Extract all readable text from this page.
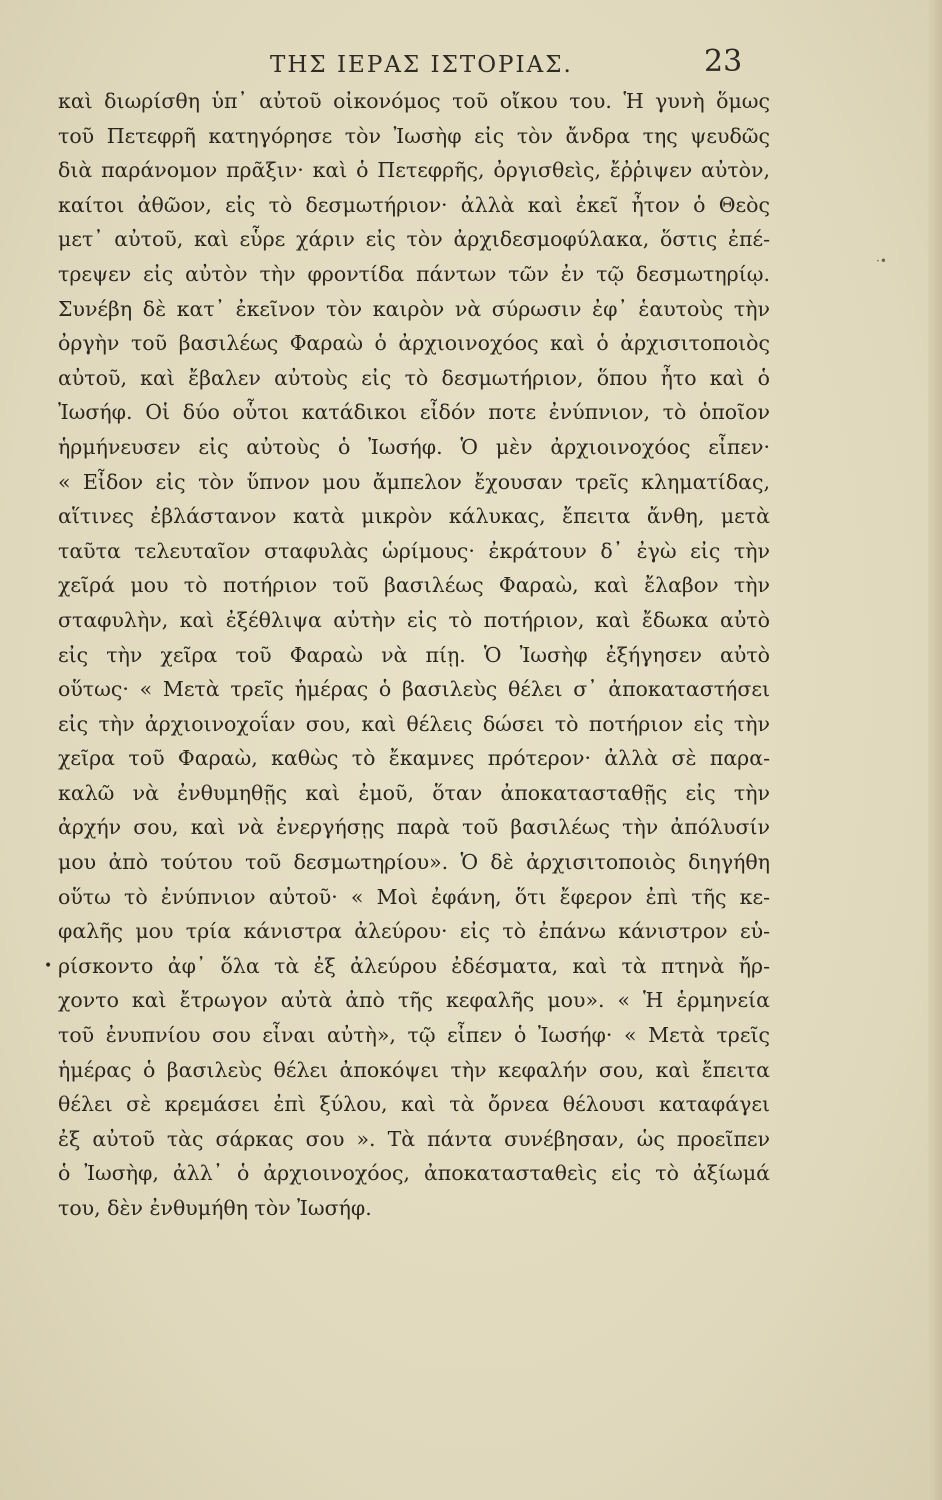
ΤΗΣ ΙΕΡΑΣ ΙΣΤΟΡΙΑΣ.	23
·•
•
καὶ διωρίσθη ὑπ᾽ αὐτοῦ οἰκονόμος τοῦ οἴκου του. Ἡ γυνὴ ὅμως
τοῦ Πετεφρῆ κατηγόρησε τὸν Ἰωσὴφ εἰς τὸν ἄνδρα της ψευδῶς
διὰ παράνομον πρᾶξιν· καὶ ὁ Πετεφρῆς, ὀργισθεὶς, ἔῤῥιψεν αὐτὸν,
καίτοι ἀθῶον, εἰς τὸ δεσμωτήριον· ἀλλὰ καὶ ἐκεῖ ἦτον ὁ Θεὸς
μετ᾽ αὐτοῦ, καὶ εὗρε χάριν εἰς τὸν ἀρχιδεσμοφύλακα, ὅστις ἐπέ-
τρεψεν εἰς αὐτὸν τὴν φροντίδα πάντων τῶν ἐν τῷ δεσμωτηρίῳ.
Συνέβη δὲ κατ᾽ ἐκεῖνον τὸν καιρὸν νὰ σύρωσιν ἐφ᾽ ἑαυτοὺς τὴν
ὀργὴν τοῦ βασιλέως Φαραὼ ὁ ἀρχιοινοχόος καὶ ὁ ἀρχισιτοποιὸς
αὐτοῦ, καὶ ἔβαλεν αὐτοὺς εἰς τὸ δεσμωτήριον, ὅπου ἦτο καὶ ὁ
Ἰωσήφ. Οἱ δύο οὗτοι κατάδικοι εἶδόν ποτε ἐνύπνιον, τὸ ὁποῖον
ἡρμήνευσεν εἰς αὐτοὺς ὁ Ἰωσήφ. Ὁ μὲν ἀρχιοινοχόος εἶπεν·
« Εἶδον εἰς τὸν ὕπνον μου ἄμπελον ἔχουσαν τρεῖς κληματίδας,
αἵτινες ἐβλάστανον κατὰ μικρὸν κάλυκας, ἔπειτα ἄνθη, μετὰ
ταῦτα τελευταῖον σταφυλὰς ὡρίμους· ἐκράτουν δ᾽ ἐγὼ εἰς τὴν
χεῖρά μου τὸ ποτήριον τοῦ βασιλέως Φαραὼ, καὶ ἔλαβον τὴν
σταφυλὴν, καὶ ἐξέθλιψα αὐτὴν εἰς τὸ ποτήριον, καὶ ἔδωκα αὐτὸ
εἰς τὴν χεῖρα τοῦ Φαραὼ νὰ πίῃ. Ὁ Ἰωσὴφ ἐξήγησεν αὐτὸ
οὕτως· « Μετὰ τρεῖς ἡμέρας ὁ βασιλεὺς θέλει σ᾽ ἀποκαταστήσει
εἰς τὴν ἀρχιοινοχοΐαν σου, καὶ θέλεις δώσει τὸ ποτήριον εἰς τὴν
χεῖρα τοῦ Φαραὼ, καθὼς τὸ ἔκαμνες πρότερον· ἀλλὰ σὲ παρα-
καλῶ νὰ ἐνθυμηθῇς καὶ ἐμοῦ, ὅταν ἀποκατασταθῇς εἰς τὴν
ἀρχήν σου, καὶ νὰ ἐνεργήσῃς παρὰ τοῦ βασιλέως τὴν ἀπόλυσίν
μου ἀπὸ τούτου τοῦ δεσμωτηρίου». Ὁ δὲ ἀρχισιτοποιὸς διηγήθη
οὕτω τὸ ἐνύπνιον αὐτοῦ· « Μοὶ ἐφάνη, ὅτι ἔφερον ἐπὶ τῆς κε-
φαλῆς μου τρία κάνιστρα ἀλεύρου· εἰς τὸ ἐπάνω κάνιστρον εὑ-
ρίσκοντο ἀφ᾽ ὅλα τὰ ἐξ ἀλεύρου ἐδέσματα, καὶ τὰ πτηνὰ ἤρ-
χοντο καὶ ἔτρωγον αὐτὰ ἀπὸ τῆς κεφαλῆς μου». « Ἡ ἑρμηνεία
τοῦ ἐνυπνίου σου εἶναι αὐτὴ», τῷ εἶπεν ὁ Ἰωσήφ· « Μετὰ τρεῖς
ἡμέρας ὁ βασιλεὺς θέλει ἀποκόψει τὴν κεφαλήν σου, καὶ ἔπειτα
θέλει σὲ κρεμάσει ἐπὶ ξύλου, καὶ τὰ ὄρνεα θέλουσι καταφάγει
ἐξ αὐτοῦ τὰς σάρκας σου ». Τὰ πάντα συνέβησαν, ὡς προεῖπεν
ὁ Ἰωσὴφ, ἀλλ᾽ ὁ ἀρχιοινοχόος, ἀποκατασταθεὶς εἰς τὸ ἀξίωμά
του, δὲν ἐνθυμήθη τὸν Ἰωσήφ.
